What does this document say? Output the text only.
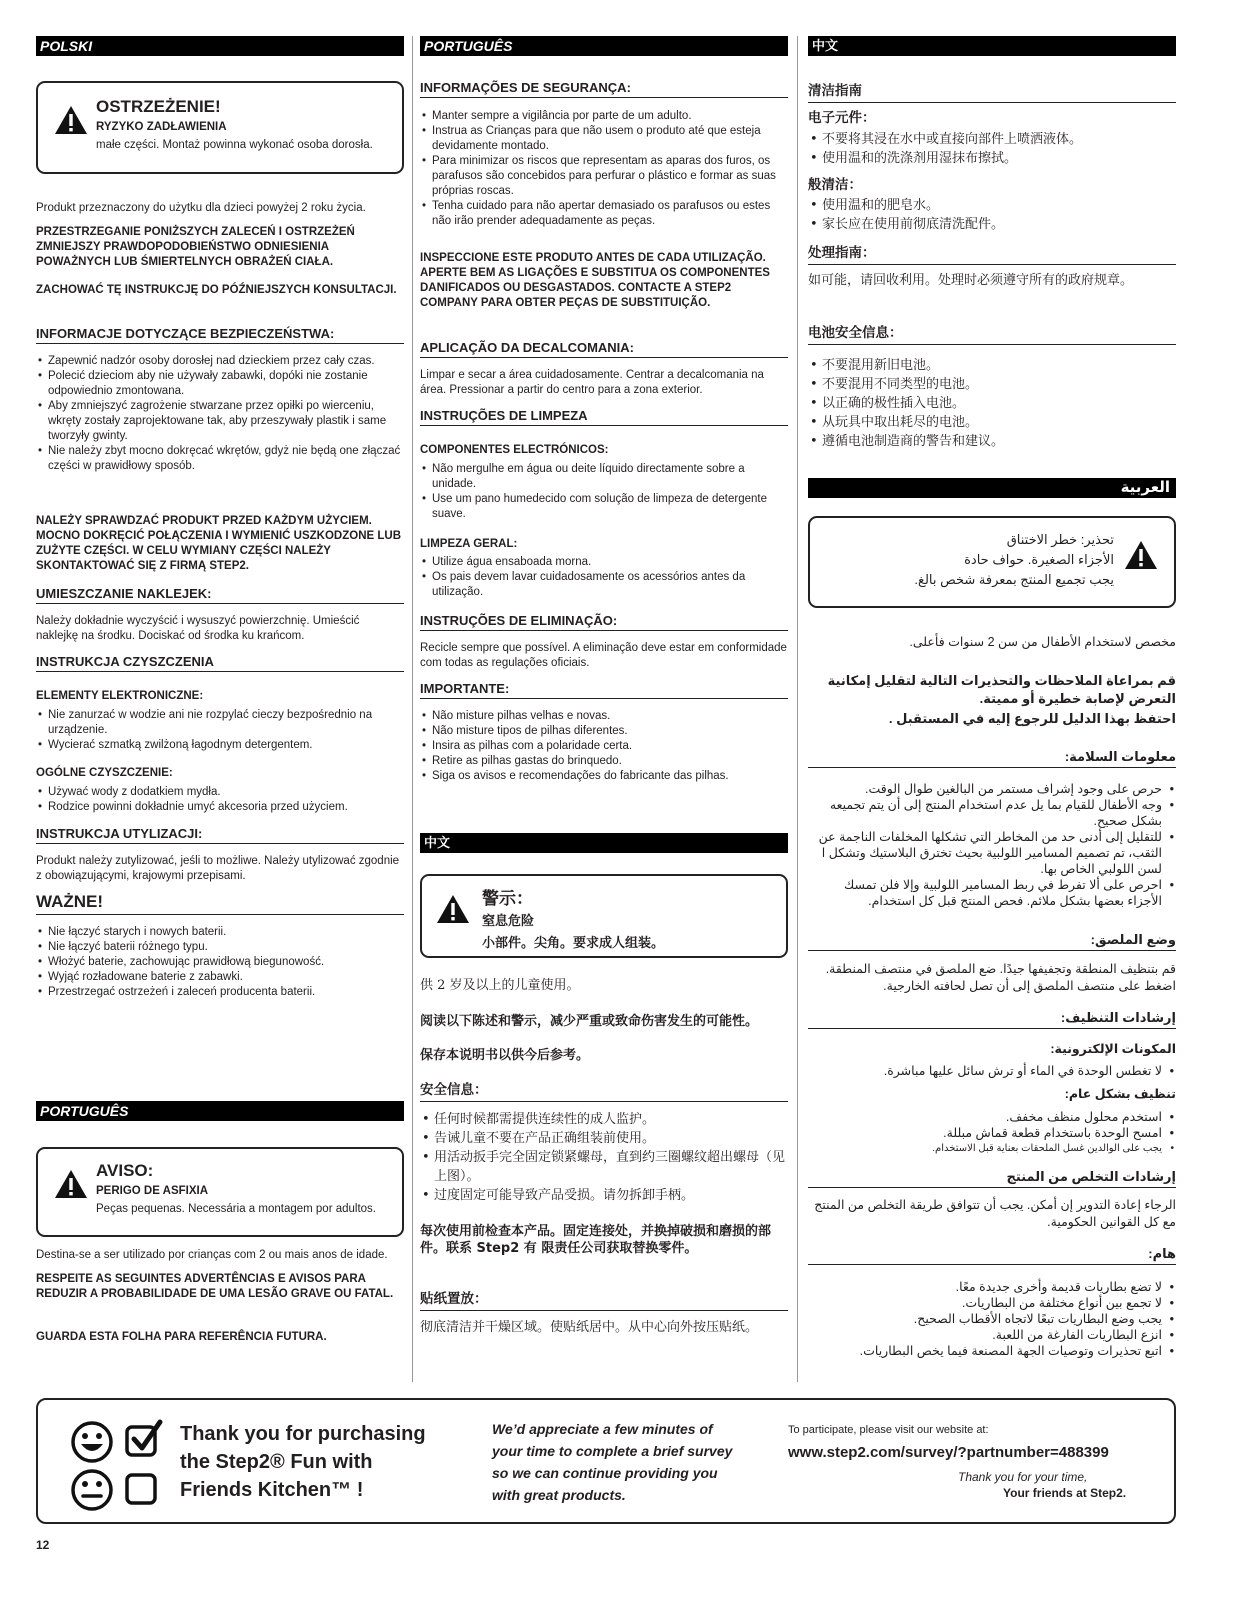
POLSKI
OSTRZEŻENIE!
RYZYKO ZADŁAWIENIA
małe części. Montaż powinna wykonać osoba dorosła.

Produkt przeznaczony do użytku dla dzieci powyżej 2 roku życia.

PRZESTRZEGANIE PONIŻSZYCH ZALECEŃ I OSTRZEŻEŃ ZMNIEJSZY PRAWDOPODOBIEŃSTWO ODNIESIENIA POWAŻNYCH LUB ŚMIERTELNYCH OBRAŻEŃ CIAŁA.

ZACHOWAĆ TĘ INSTRUKCJĘ DO PÓŹNIEJSZYCH KONSULTACJI.

INFORMACJE DOTYCZĄCE BEZPIECZEŃSTWA:

• Zapewnić nadzór osoby dorosłej nad dzieckiem przez cały czas.
• Polecić dzieciom aby nie używały zabawki, dopóki nie zostanie odpowiednio zmontowana.
• Aby zmniejszyć zagrożenie stwarzane przez opiłki po wierceniu, wkręty zostały zaprojektowane tak, aby przeszywały plastik i same tworzyły gwinty.
• Nie należy zbyt mocno dokręcać wkrętów, gdyż nie będą one złączać części w prawidłowy sposób.

NALEŻY SPRAWDZAĆ PRODUKT PRZED KAŻDYM UŻYCIEM. MOCNO DOKRĘCIĆ POŁĄCZENIA I WYMIENIĆ USZKODZONE LUB ZUŻYTE CZĘŚCI. W CELU WYMIANY CZĘŚCI NALEŻY SKONTAKTOWAĆ SIĘ Z FIRMĄ STEP2.

UMIESZCZANIE NAKLEJEK:

Należy dokładnie wyczyścić i wysuszyć powierzchnię. Umieścić naklejkę na środku. Dociskać od środka ku krańcom.

INSTRUKCJA CZYSZCZENIA

ELEMENTY ELEKTRONICZNE:

• Nie zanurzać w wodzie ani nie rozpylać cieczy bezpośrednio na urządzenie.
• Wycierać szmatką zwilżoną łagodnym detergentem.

OGÓLNE CZYSZCZENIE:

• Używać wody z dodatkiem mydła.
• Rodzice powinni dokładnie umyć akcesoria przed użyciem.

INSTRUKCJA UTYLIZACJI:

Produkt należy zutylizować, jeśli to możliwe. Należy utylizować zgodnie z obowiązującymi, krajowymi przepisami.

WAŻNE!

• Nie łączyć starych i nowych baterii.
• Nie łączyć baterii różnego typu.
• Włożyć baterie, zachowując prawidłową biegunowość.
• Wyjąć rozładowane baterie z zabawki.
• Przestrzegać ostrzeżeń i zaleceń producenta baterii.
PORTUGUÊS
AVISO:
PERIGO DE ASFIXIA
Peças pequenas. Necessária a montagem por adultos.

Destina-se a ser utilizado por crianças com 2 ou mais anos de idade.

RESPEITE AS SEGUINTES ADVERTÊNCIAS E AVISOS PARA REDUZIR A PROBABILIDADE DE UMA LESÃO GRAVE OU FATAL.

GUARDA ESTA FOLHA PARA REFERÊNCIA FUTURA.

PORTUGUÊS

INFORMAÇÕES DE SEGURANÇA:

• Manter sempre a vigilância por parte de um adulto.
• Instrua as Crianças para que não usem o produto até que esteja devidamente montado.
• Para minimizar os riscos que representam as aparas dos furos, os parafusos são concebidos para perfurar o plástico e formar as suas próprias roscas.
• Tenha cuidado para não apertar demasiado os parafusos ou estes não irão prender adequadamente as peças.

INSPECCIONE ESTE PRODUTO ANTES DE CADA UTILIZAÇÃO. APERTE BEM AS LIGAÇÕES E SUBSTITUA OS COMPONENTES DANIFICADOS OU DESGASTADOS. CONTACTE A STEP2 COMPANY PARA OBTER PEÇAS DE SUBSTITUIÇÃO.

APLICAÇÃO DA DECALCOMANIA:

Limpar e secar a área cuidadosamente. Centrar a decalcomania na área. Pressionar a partir do centro para a zona exterior.

INSTRUÇÕES DE LIMPEZA

COMPONENTES ELECTRÓNICOS:

• Não mergulhe em água ou deite líquido directamente sobre a unidade.
• Use um pano humedecido com solução de limpeza de detergente suave.

LIMPEZA GERAL:

• Utilize água ensaboada morna.
• Os pais devem lavar cuidadosamente os acessórios antes da utilização.

INSTRUÇÕES DE ELIMINAÇÃO:

Recicle sempre que possível. A eliminação deve estar em conformidade com todas as regulações oficiais.

IMPORTANTE:

• Não misture pilhas velhas e novas.
• Não misture tipos de pilhas diferentes.
• Insira as pilhas com a polaridade certa.
• Retire as pilhas gastas do brinquedo.
• Siga os avisos e recomendações do fabricante das pilhas.
中文
警示：
窒息危险
小部件。尖角。要求成人组装。

供 2 岁及以上的儿童使用。

阅读以下陈述和警示，减少严重或致命伤害发生的可能性。

保存本说明书以供今后参考。

安全信息：

• 任何时候都需提供连续性的成人监护。
• 告诫儿童不要在产品正确组装前使用。
• 用活动扳手完全固定锁紧螺母，直到约三圈螺纹超出螺母（见上图）。
• 过度固定可能导致产品受损。请勿拆卸手柄。

每次使用前检查本产品。固定连接处，并换掉破损和磨损的部件。联系 Step2 有 限责任公司获取替换零件。

贴纸置放：

彻底清洁并干燥区域。使贴纸居中。从中心向外按压贴纸。

中文

清洁指南

电子元件：

• 不要将其浸在水中或直接向部件上喷洒液体。
• 使用温和的洗涤剂用湿抹布擦拭。

般清洁：

• 使用温和的肥皂水。
• 家长应在使用前彻底清洗配件。

处理指南：

如可能，请回收利用。处理时必须遵守所有的政府规章。

电池安全信息：

• 不要混用新旧电池。
• 不要混用不同类型的电池。
• 以正确的极性插入电池。
• 从玩具中取出耗尽的电池。
• 遵循电池制造商的警告和建议。
العربية
تحذير: خطر الاختناق
الأجزاء الصغيرة. حواف حادة
يجب تجميع المنتج بمعرفة شخص بالغ.

مخصص لاستخدام الأطفال من سن 2 سنوات فأعلى.

قم بمراعاة الملاحظات والتحذيرات التالية لتقليل إمكانية التعرض لإصابة خطيرة أو مميتة.

احتفظ بهذا الدليل للرجوع إليه في المستقبل .

معلومات السلامة:

• حرص على وجود إشراف مستمر من البالغين طوال الوقت.
• وجه الأطفال للقيام بما يل عدم استخدام المنتج إلى أن يتم تجميعه بشكل صحيح.
• للتقليل إلى أدنى حد من المخاطر التي تشكلها المخلفات الناجمة عن الثقب، تم تصميم المسامير اللولبية بحيث تخترق البلاستيك وتشكل ا لسن اللولبي الخاص بها.
• احرص على ألا تفرط في ربط المسامير اللولبية وإلا فلن تمسك الأجزاء بعضها بشكل ملائم. فحص المنتج قبل كل استخدام.

وضع الملصق:

قم بتنظيف المنطقة وتجفيفها جيدًا. ضع الملصق في منتصف المنطقة. اضغط على منتصف الملصق إلى أن تصل لحافته الخارجية.

إرشادات التنظيف:

المكونات الإلكترونية:

• لا تغطس الوحدة في الماء أو ترش سائل عليها مباشرة.

تنظيف بشكل عام:

• استخدم محلول منظف مخفف.
• امسح الوحدة باستخدام قطعة قماش مبللة.
• يجب على الوالدين غسل الملحقات بعناية قبل الاستخدام.

إرشادات التخلص من المنتج

الرجاء إعادة التدوير إن أمكن. يجب أن تتوافق طريقة التخلص من المنتج مع كل القوانين الحكومية.

هام:

• لا تضع بطاريات قديمة وأخرى جديدة معًا.
• لا تجمع بين أنواع مختلفة من البطاريات.
• يجب وضع البطاريات تبعًا لاتجاه الأقطاب الصحيح.
• انزع البطاريات الفارغة من اللعبة.
• اتبع تحذيرات وتوصيات الجهة المصنعة فيما يخص البطاريات.
Thank you for purchasing
the Step2® Fun with
Friends Kitchen™ !
We’d appreciate a few minutes of
your time to complete a brief survey
so we can continue providing you
with great products.
To participate, please visit our website at:
www.step2.com/survey/?partnumber=488399
Thank you for your time,
Your friends at Step2.
12
